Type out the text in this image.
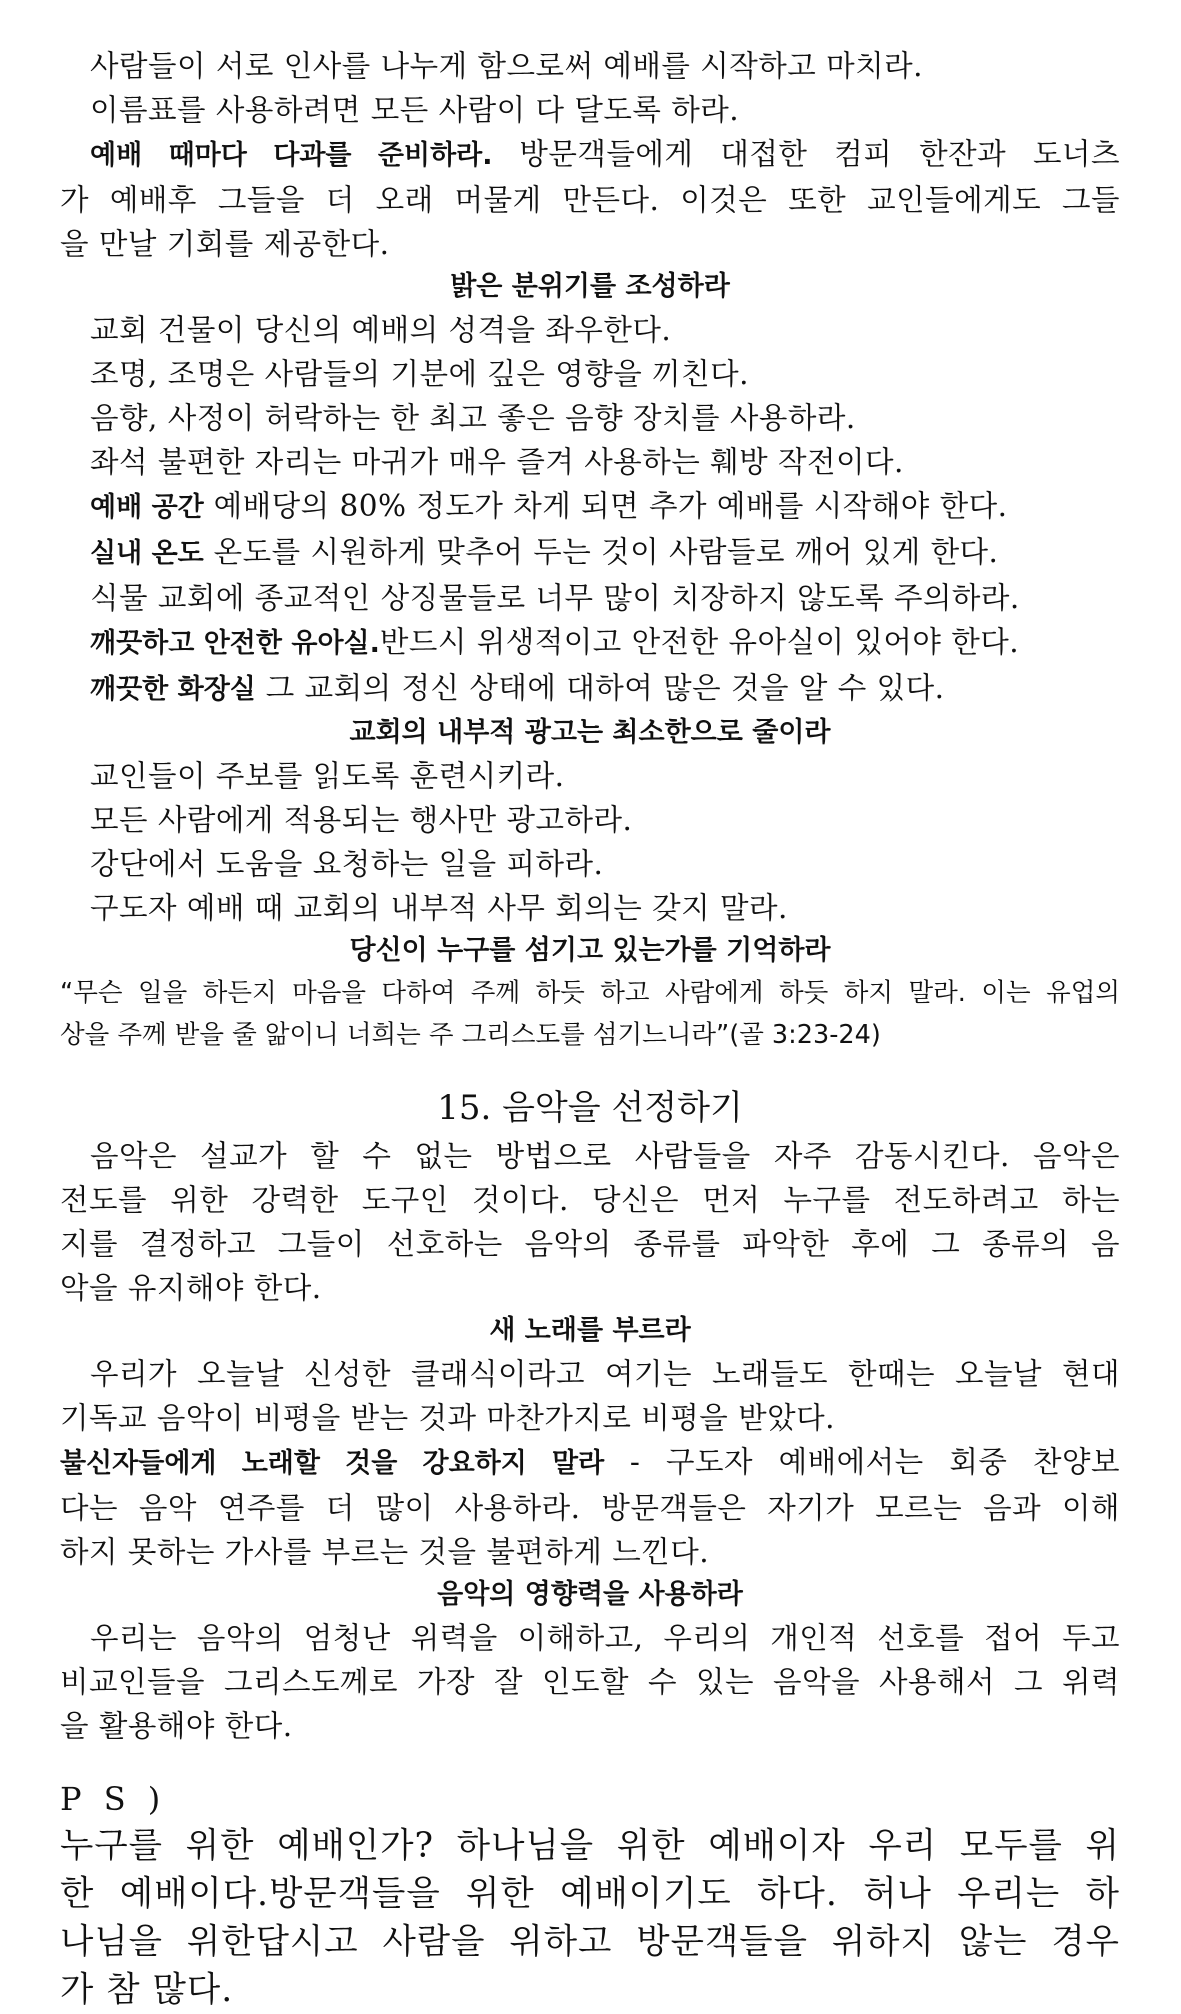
사람들이 서로 인사를 나누게 함으로써 예배를 시작하고 마치라.
이름표를 사용하려면 모든 사람이 다 달도록 하라.
예배 때마다 다과를 준비하라. 방문객들에게 대접한 컴피 한잔과 도너츠
가 예배후 그들을 더 오래 머물게 만든다. 이것은 또한 교인들에게도 그들
을 만날 기회를 제공한다.
밝은 분위기를 조성하라
교회 건물이 당신의 예배의 성격을 좌우한다.
조명, 조명은 사람들의 기분에 깊은 영향을 끼친다.
음향, 사정이 허락하는 한 최고 좋은 음향 장치를 사용하라.
좌석 불편한 자리는 마귀가 매우 즐겨 사용하는 훼방 작전이다.
예배 공간 예배당의 80% 정도가 차게 되면 추가 예배를 시작해야 한다.
실내 온도 온도를 시원하게 맞추어 두는 것이 사람들로 깨어 있게 한다.
식물 교회에 종교적인 상징물들로 너무 많이 치장하지 않도록 주의하라.
깨끗하고 안전한 유아실.반드시 위생적이고 안전한 유아실이 있어야 한다.
깨끗한 화장실 그 교회의 정신 상태에 대하여 많은 것을 알 수 있다.
교회의 내부적 광고는 최소한으로 줄이라
교인들이 주보를 읽도록 훈련시키라.
모든 사람에게 적용되는 행사만 광고하라.
강단에서 도움을 요청하는 일을 피하라.
구도자 예배 때 교회의 내부적 사무 회의는 갖지 말라.
당신이 누구를 섬기고 있는가를 기억하라
“무슨 일을 하든지 마음을 다하여 주께 하듯 하고 사람에게 하듯 하지 말라. 이는 유업의
상을 주께 받을 줄 앎이니 너희는 주 그리스도를 섬기느니라”(골 3:23-24)
15. 음악을 선정하기
음악은 설교가 할 수 없는 방법으로 사람들을 자주 감동시킨다. 음악은
전도를 위한 강력한 도구인 것이다. 당신은 먼저 누구를 전도하려고 하는
지를 결정하고 그들이 선호하는 음악의 종류를 파악한 후에 그 종류의 음
악을 유지해야 한다.
새 노래를 부르라
우리가 오늘날 신성한 클래식이라고 여기는 노래들도 한때는 오늘날 현대
기독교 음악이 비평을 받는 것과 마찬가지로 비평을 받았다.
불신자들에게 노래할 것을 강요하지 말라 - 구도자 예배에서는 회중 찬양보
다는 음악 연주를 더 많이 사용하라. 방문객들은 자기가 모르는 음과 이해
하지 못하는 가사를 부르는 것을 불편하게 느낀다.
음악의 영향력을 사용하라
우리는 음악의 엄청난 위력을 이해하고, 우리의 개인적 선호를 접어 두고
비교인들을 그리스도께로 가장 잘 인도할 수 있는 음악을 사용해서 그 위력
을 활용해야 한다.
P S )
누구를 위한 예배인가? 하나님을 위한 예배이자 우리 모두를 위
한 예배이다.방문객들을 위한 예배이기도 하다. 허나 우리는 하
나님을 위한답시고 사람을 위하고 방문객들을 위하지 않는 경우
가 참 많다.
